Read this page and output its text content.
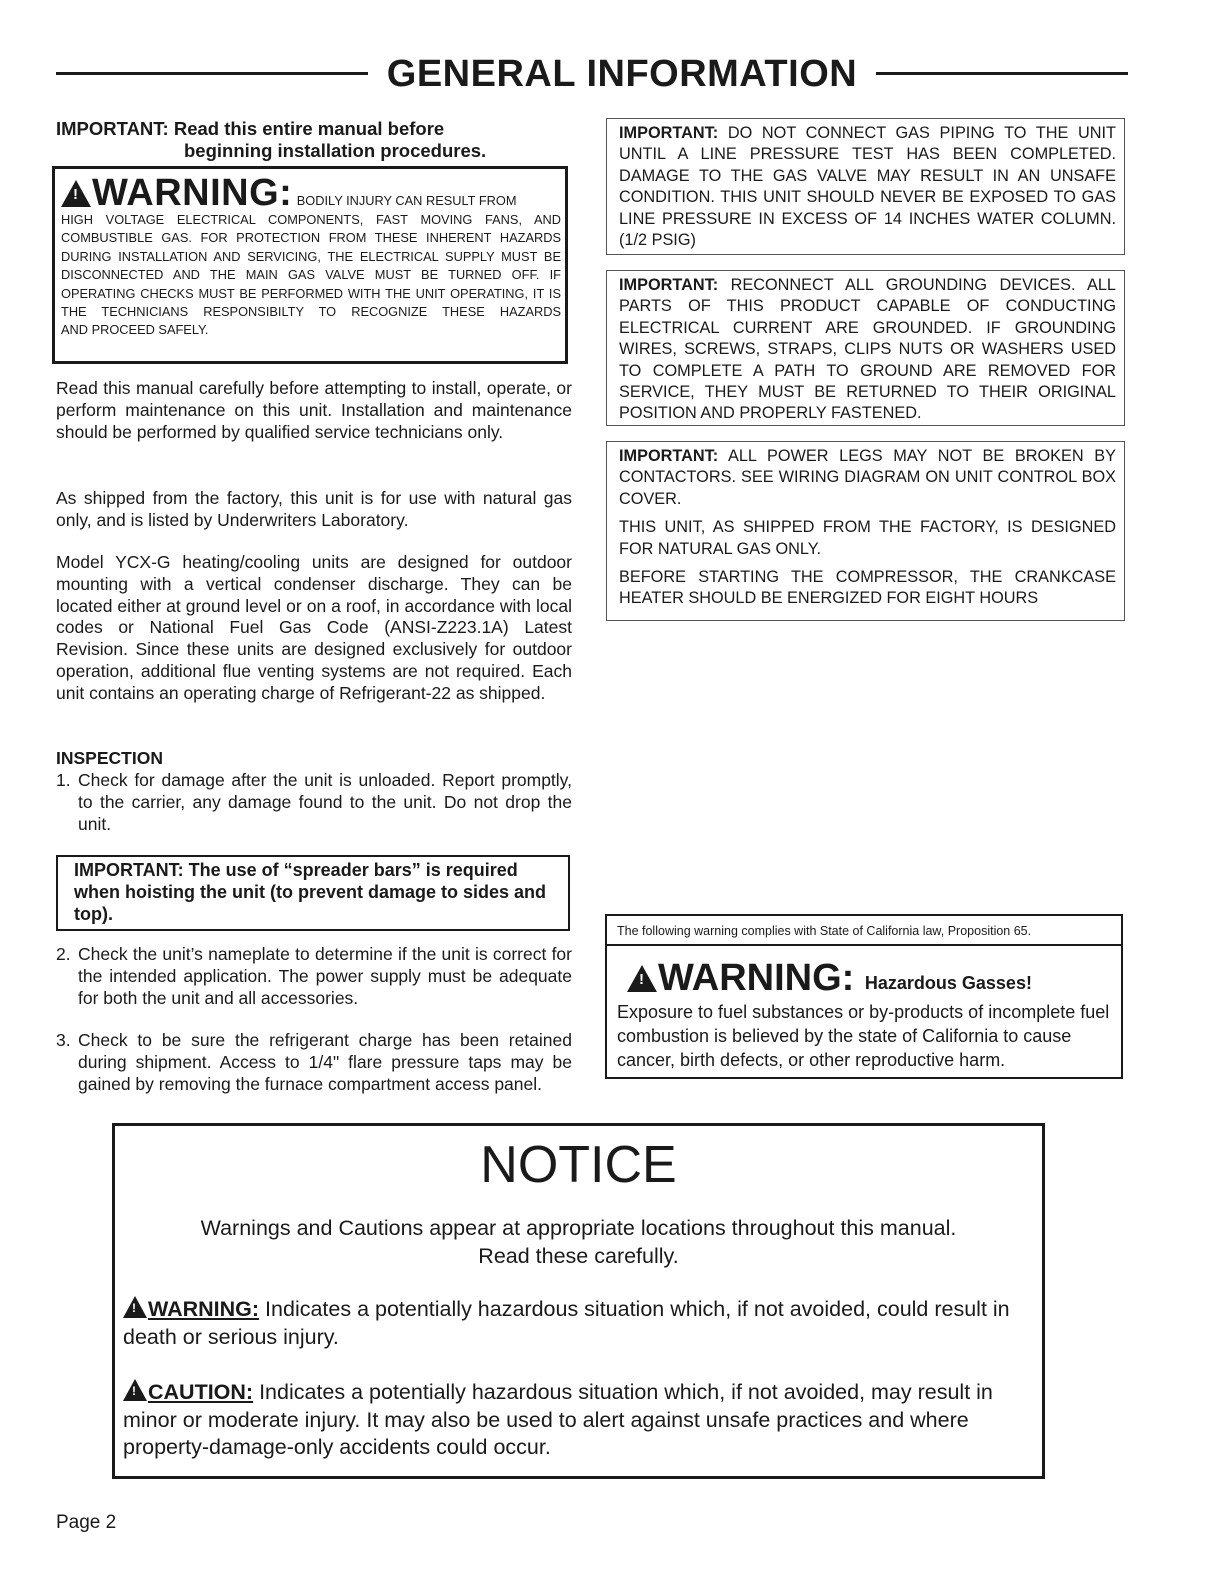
GENERAL INFORMATION
IMPORTANT: Read this entire manual before
beginning installation procedures.
!WARNING: BODILY INJURY CAN RESULT FROM
HIGH VOLTAGE ELECTRICAL COMPONENTS, FAST MOVING FANS, AND COMBUSTIBLE GAS. FOR PROTECTION FROM THESE INHERENT HAZARDS DURING INSTALLATION AND SERVICING, THE ELECTRICAL SUPPLY MUST BE DISCONNECTED AND THE MAIN GAS VALVE MUST BE TURNED OFF. IF OPERATING CHECKS MUST BE PERFORMED WITH THE UNIT OPERATING, IT IS THE TECHNICIANS RESPONSIBILTY TO RECOGNIZE THESE HAZARDS
AND PROCEED SAFELY.
Read this manual carefully before attempting to install, operate, or perform maintenance on this unit. Installation and maintenance should be performed by qualified service technicians only.
As shipped from the factory, this unit is for use with natural gas only, and is listed by Underwriters Laboratory.
Model YCX-G heating/cooling units are designed for outdoor mounting with a vertical condenser discharge. They can be located either at ground level or on a roof, in accordance with local codes or National Fuel Gas Code (ANSI-Z223.1A) Latest Revision. Since these units are designed exclusively for outdoor operation, additional flue venting systems are not required. Each unit contains an operating charge of Refrigerant-22 as shipped.
INSPECTION
1. Check for damage after the unit is unloaded. Report promptly, to the carrier, any damage found to the unit. Do not drop the unit.
IMPORTANT: The use of “spreader bars” is required when hoisting the unit (to prevent damage to sides and top).
2. Check the unit’s nameplate to determine if the unit is correct for the intended application. The power supply must be adequate for both the unit and all accessories.
3. Check to be sure the refrigerant charge has been retained during shipment. Access to 1/4" flare pressure taps may be gained by removing the furnace compartment access panel.
IMPORTANT: DO NOT CONNECT GAS PIPING TO THE UNIT UNTIL A LINE PRESSURE TEST HAS BEEN COMPLETED. DAMAGE TO THE GAS VALVE MAY RESULT IN AN UNSAFE CONDITION. THIS UNIT SHOULD NEVER BE EXPOSED TO GAS LINE PRESSURE IN EXCESS OF 14 INCHES WATER COLUMN. (1/2 PSIG)
IMPORTANT: RECONNECT ALL GROUNDING DEVICES. ALL PARTS OF THIS PRODUCT CAPABLE OF CONDUCTING ELECTRICAL CURRENT ARE GROUNDED. IF GROUNDING WIRES, SCREWS, STRAPS, CLIPS NUTS OR WASHERS USED TO COMPLETE A PATH TO GROUND ARE REMOVED FOR SERVICE, THEY MUST BE RETURNED TO THEIR ORIGINAL POSITION AND PROPERLY FASTENED.

IMPORTANT: ALL POWER LEGS MAY NOT BE BROKEN BY CONTACTORS. SEE WIRING DIAGRAM ON UNIT CONTROL BOX COVER.

THIS UNIT, AS SHIPPED FROM THE FACTORY, IS DESIGNED FOR NATURAL GAS ONLY.

BEFORE STARTING THE COMPRESSOR, THE CRANKCASE HEATER SHOULD BE ENERGIZED FOR EIGHT HOURS

The following warning complies with State of California law, Proposition 65.
!WARNING: Hazardous Gasses!
Exposure to fuel substances or by-products of incomplete fuel combustion is believed by the state of California to cause cancer, birth defects, or other reproductive harm.
NOTICE
Warnings and Cautions appear at appropriate locations throughout this manual.
Read these carefully.
!WARNING: Indicates a potentially hazardous situation which, if not avoided, could result in death or serious injury.
!CAUTION: Indicates a potentially hazardous situation which, if not avoided, may result in minor or moderate injury. It may also be used to alert against unsafe practices and where property-damage-only accidents could occur.
Page 2
